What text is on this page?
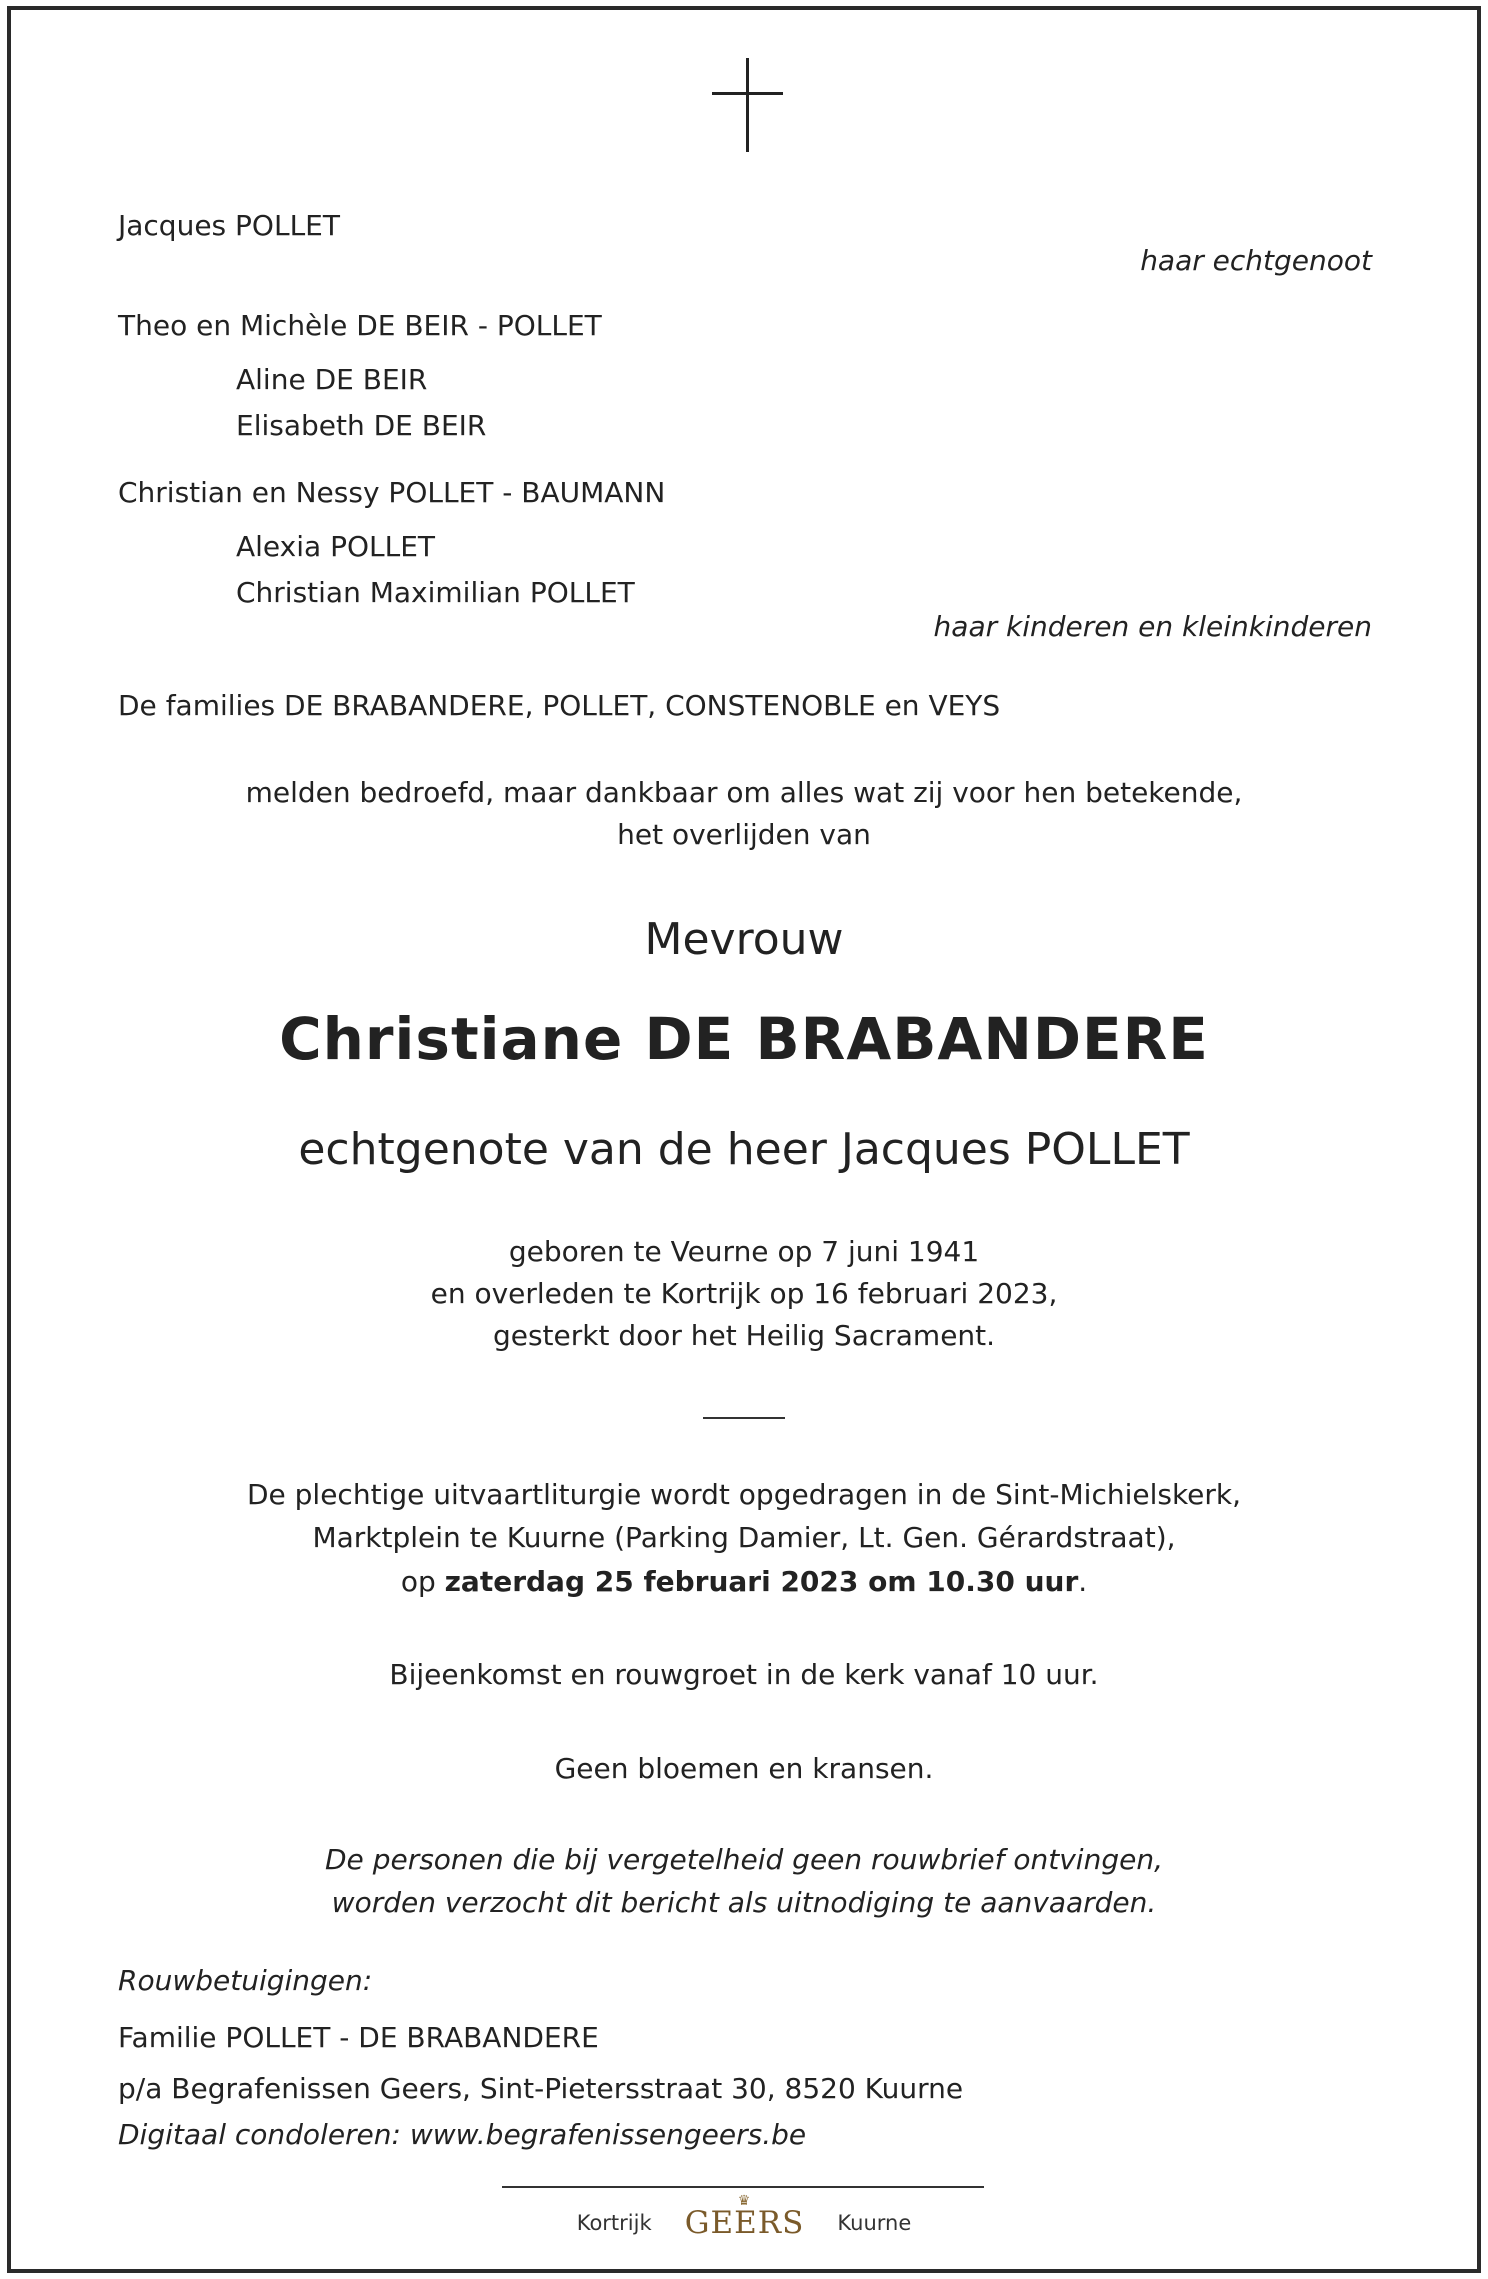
Jacques POLLET
haar echtgenoot
Theo en Michèle DE BEIR - POLLET
Aline DE BEIR
Elisabeth DE BEIR
Christian en Nessy POLLET - BAUMANN
Alexia POLLET
Christian Maximilian POLLET
haar kinderen en kleinkinderen
De families DE BRABANDERE, POLLET, CONSTENOBLE en VEYS
melden bedroefd, maar dankbaar om alles wat zij voor hen betekende,
het overlijden van
Mevrouw
Christiane DE BRABANDERE
echtgenote van de heer Jacques POLLET
geboren te Veurne op 7 juni 1941
en overleden te Kortrijk op 16 februari 2023,
gesterkt door het Heilig Sacrament.
De plechtige uitvaartliturgie wordt opgedragen in de Sint-Michielskerk,
Marktplein te Kuurne (Parking Damier, Lt. Gen. Gérardstraat),
op zaterdag 25 februari 2023 om 10.30 uur.
Bijeenkomst en rouwgroet in de kerk vanaf 10 uur.
Geen bloemen en kransen.
De personen die bij vergetelheid geen rouwbrief ontvingen,
worden verzocht dit bericht als uitnodiging te aanvaarden.
Rouwbetuigingen:
Familie POLLET - DE BRABANDERE
p/a Begrafenissen Geers, Sint-Pietersstraat 30, 8520 Kuurne
Digitaal condoleren: www.begrafenissengeers.be
Kortrijk
♛
GEERS Kuurne
